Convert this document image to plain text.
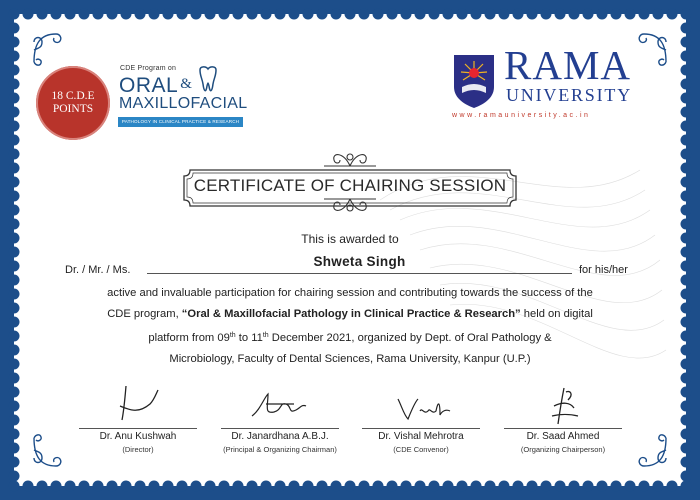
18 C.D.E
POINTS
CDE Program on
ORAL &
MAXILLOFACIAL
PATHOLOGY IN CLINICAL PRACTICE & RESEARCH
RAMA
UNIVERSITY
www.ramauniversity.ac.in
CERTIFICATE OF CHAIRING SESSION
This is awarded to
Dr. / Mr. / Ms.
Shweta Singh
for his/her
active and invaluable participation for chairing session and contributing towards the success of the
CDE program, “Oral & Maxillofacial Pathology in Clinical Practice & Research” held on digital
platform from 09th to 11th December 2021, organized by Dept. of Oral Pathology &
Microbiology, Faculty of Dental Sciences, Rama University, Kanpur (U.P.)
Dr. Anu Kushwah
(Director)
Dr. Janardhana A.B.J.
(Principal & Organizing Chairman)
Dr. Vishal Mehrotra
(CDE Convenor)
Dr. Saad Ahmed
(Organizing Chairperson)
